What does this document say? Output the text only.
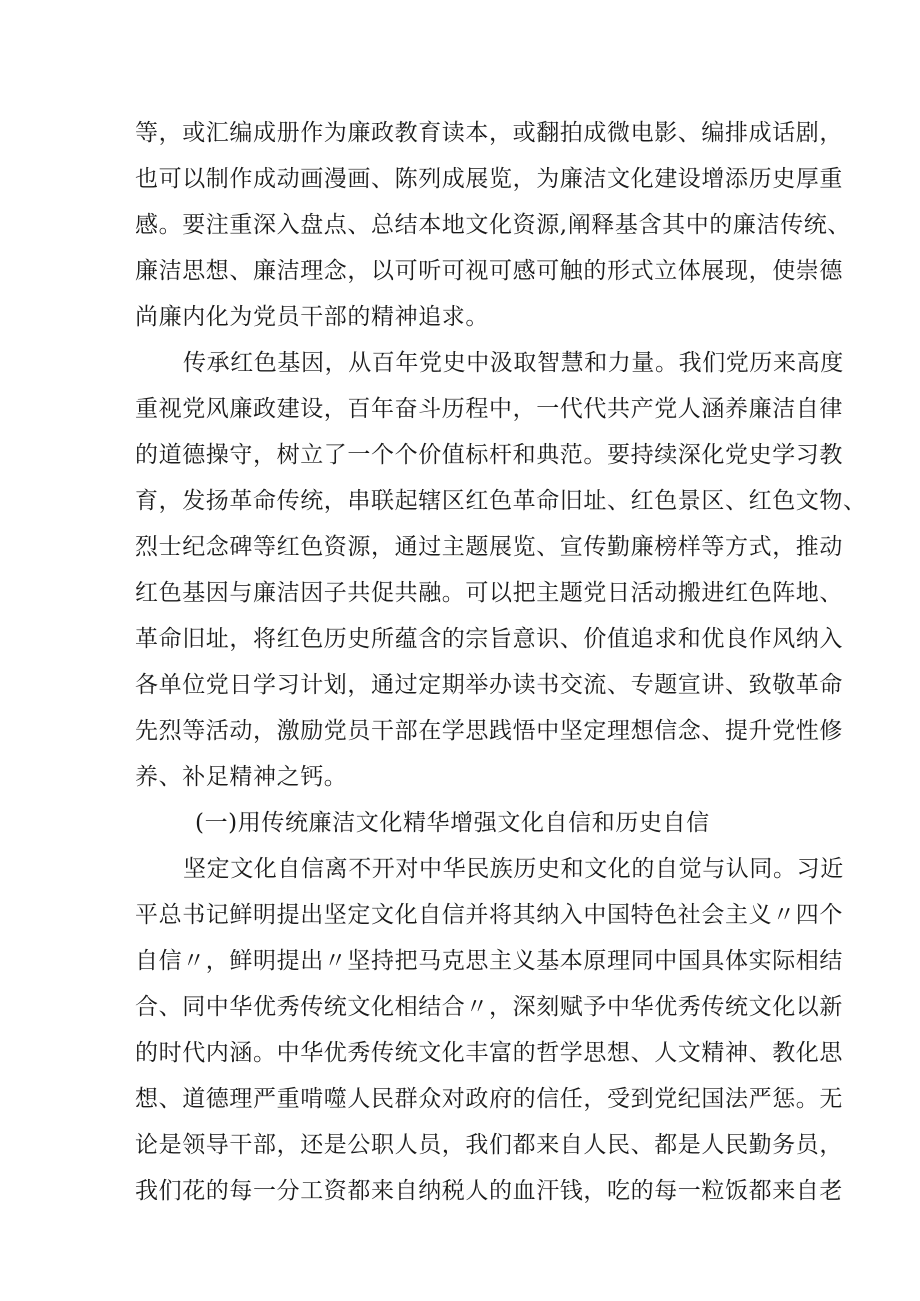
等，或汇编成册作为廉政教育读本，或翻拍成微电影、编排成话剧，
也可以制作成动画漫画、陈列成展览，为廉洁文化建设增添历史厚重
感。要注重深入盘点、总结本地文化资源,阐释基含其中的廉洁传统、
廉洁思想、廉洁理念，以可听可视可感可触的形式立体展现，使崇德
尚廉内化为党员干部的精神追求。
传承红色基因，从百年党史中汲取智慧和力量。我们党历来高度
重视党风廉政建设，百年奋斗历程中，一代代共产党人涵养廉洁自律
的道德操守，树立了一个个价值标杆和典范。要持续深化党史学习教
育，发扬革命传统，串联起辖区红色革命旧址、红色景区、红色文物、
烈士纪念碑等红色资源，通过主题展览、宣传勤廉榜样等方式，推动
红色基因与廉洁因子共促共融。可以把主题党日活动搬进红色阵地、
革命旧址，将红色历史所蕴含的宗旨意识、价值追求和优良作风纳入
各单位党日学习计划，通过定期举办读书交流、专题宣讲、致敬革命
先烈等活动，激励党员干部在学思践悟中坚定理想信念、提升党性修
养、补足精神之钙。
(一)用传统廉洁文化精华增强文化自信和历史自信
坚定文化自信离不开对中华民族历史和文化的自觉与认同。习近
平总书记鲜明提出坚定文化自信并将其纳入中国特色社会主义〃四个
自信〃，鲜明提出〃坚持把马克思主义基本原理同中国具体实际相结
合、同中华优秀传统文化相结合〃，深刻赋予中华优秀传统文化以新
的时代内涵。中华优秀传统文化丰富的哲学思想、人文精神、教化思
想、道德理严重啃噬人民群众对政府的信任，受到党纪国法严惩。无
论是领导干部，还是公职人员，我们都来自人民、都是人民勤务员，
我们花的每一分工资都来自纳税人的血汗钱，吃的每一粒饭都来自老
